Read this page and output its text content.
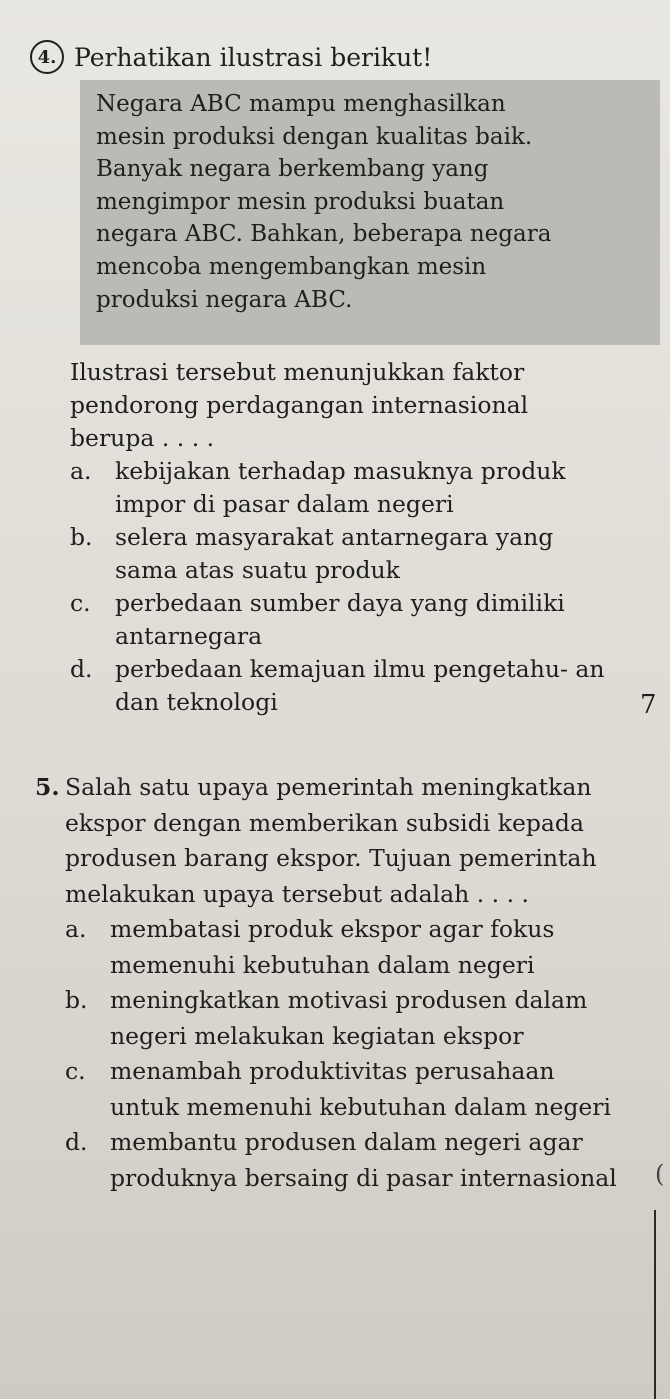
4. Perhatikan ilustrasi berikut!
Negara ABC mampu menghasilkan mesin produksi dengan kualitas baik. Banyak negara berkembang yang mengimpor mesin produksi buatan negara ABC. Bahkan, beberapa negara mencoba mengembangkan mesin produksi negara ABC.

Ilustrasi tersebut menunjukkan faktor pendorong perdagangan internasional berupa . . . .

a.	kebijakan terhadap masuknya produk impor di pasar dalam negeri
b. selera masyarakat antarnegara yang sama atas suatu produk
c.	perbedaan sumber daya yang dimiliki antarnegara
d. perbedaan kemajuan ilmu pengetahu- an dan teknologi	7
5. Salah satu upaya pemerintah meningkatkan ekspor dengan memberikan subsidi kepada produsen barang ekspor. Tujuan pemerintah melakukan upaya tersebut adalah . . . .
a.	membatasi produk ekspor agar fokus memenuhi kebutuhan dalam negeri
b. meningkatkan motivasi produsen dalam negeri melakukan kegiatan ekspor
c.	menambah produktivitas perusahaan untuk memenuhi kebutuhan dalam negeri
d. membantu produsen dalam negeri agar produknya bersaing di pasar internasional	(
